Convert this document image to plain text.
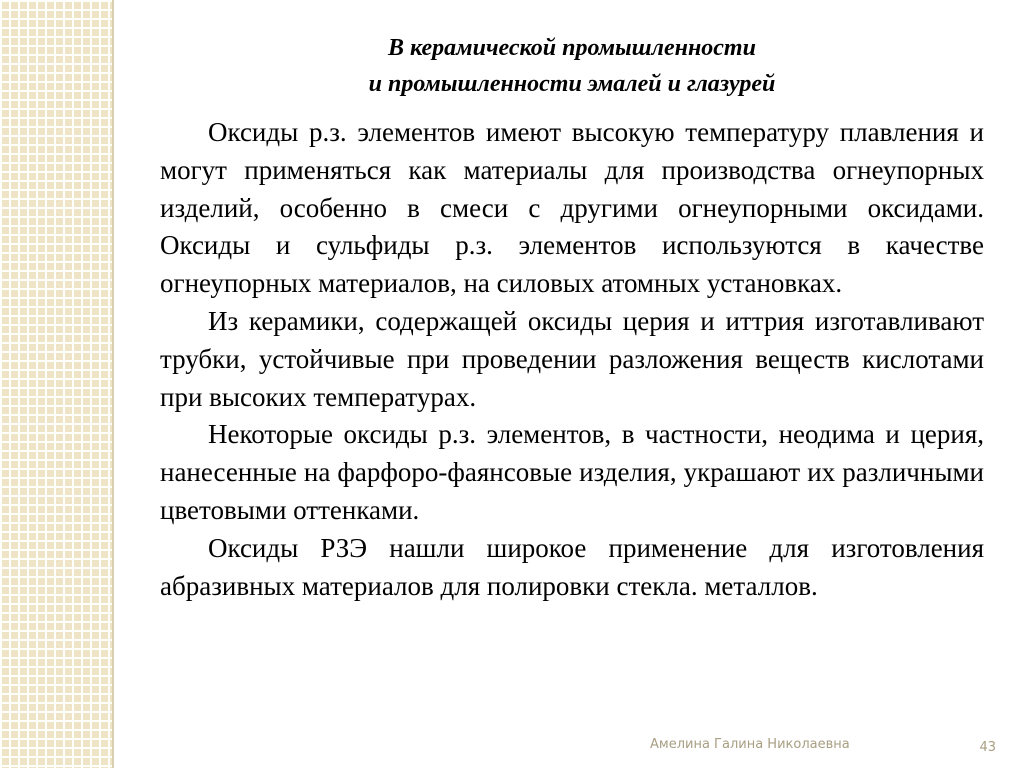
В керамической промышленности
и промышленности эмалей и глазурей

Оксиды р.з. элементов имеют высокую температуру плавления и могут применяться как материалы для производства огнеупорных изделий, особенно в смеси с другими огнеупорными оксидами. Оксиды и сульфиды р.з. элементов используются в качестве огнеупорных материалов, на силовых атомных установках.

Из керамики, содержащей оксиды церия и иттрия изготавливают трубки, устойчивые при проведении разложения веществ кислотами при высоких температурах.

Некоторые оксиды р.з. элементов, в частности, неодима и церия, нанесенные на фарфоро-фаянсовые изделия, украшают их различными цветовыми оттенками.

Оксиды РЗЭ нашли широкое применение для изготовления абразивных материалов для полировки стекла. металлов.

Амелина Галина Николаевна	43
